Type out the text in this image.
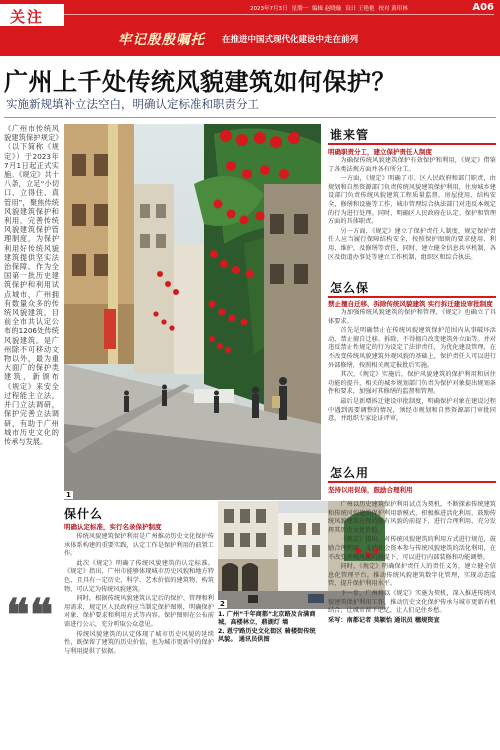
关注	2023年7月3日 星期一 编辑 赵晓璇 设计 王艳艳 校对 黄印林	A06
牢记殷殷嘱托 在推进中国式现代化建设中走在前列
广州上千处传统风貌建筑如何保护？
实施新规填补立法空白，明确认定标准和职责分工
《广州市传统风貌建筑保护规定》（以下简称《规定》）于2023年7月1日起正式实施。《规定》共十八条，立足“小切口、立得住、真管用”，聚焦传统风貌建筑保护和利用，完善传统风貌建筑保护管理制度，为保护利用好传统风貌建筑提供坚实法治保障。作为全国第一批历史建筑保护和利用试点城市，广州拥有数量众多的传统风貌建筑，目前全市共认定公布的1206处传统风貌建筑。是广州除不可移动文物以外，最为重大面广的保护类建筑，新颁布《规定》来安全过程能主立法，并门立法调研，保护完善立法调研，有助于广州城市历史文化的传承与发展。
1
谁来管
明确职责分工，建立保护责任人制度

为确保传统风貌建筑保护有效保护和利用，《规定》借鉴了各类法规方面并各有所分工。

一方面，《规定》明确了市、区人民政府和部门职责，由规划和自然资源部门负责传统风貌建筑保护利用，住房城乡建设部门负责传统风貌建筑工程质量监督，房屋使用、结构安全，修缮和设施等工作，城市管理综合执法部门对违反本规定的行为进行处理。同时，明确区人民政府在认定、保护和管理方面的具体职责。

另一方面，《规定》建立了保护责任人制度，规定保护责任人应当履行保障结构安全，按照保护图则的要求使用、利用、维护，及修缮等责任，同时，建立健全信息共享机制，各区及街道办事处等建立工作机制，组织区和综合执法。

怎么保
禁止擅自迁移、拆除传统风貌建筑 实行拆迁建设审批制度

为加强传统风貌建筑的保护和管理，《规定》也确立了具体要求。

首先是明确禁止在传统风貌建筑保护范围内从事破坏活动，禁止擅自迁移、拆除、不得擅自改变建筑外立面等。并对违反禁止性规定的行为设定了法律责任，为优化建设管理，在不改变传统风貌建筑外观风貌的基础上，保护责任人可以进行外部修缮，按照相关规定报批后实施。

其次，《规定》实施后，保护风貌建筑的保护利用和居住功能的提升，相关的城乡规划部门负责为保护对象提出规划条件和要求，加强对其修缮的监督和管理。

最后是新增拆迁建设审批制度，明确保护对象在建设过程中遇到需要调整的情况，须经市规划和自然资源部门审批同意，并组织专家论证评审。

怎么用
坚持以用促保，鼓励合理利用
保什么
明确认定标准，实行名录保护制度

传统风貌建筑保护利用是广州推动历史文化保护传承体系构建的重要实践，认定工作是保护利用的前置工作。

此次《规定》明确了传统风貌建筑的认定标准。《规定》指出，广州市能够体现城市历史风貌和地方特色，且具有一定历史、科学、艺术价值的建筑物、构筑物，可认定为传统风貌建筑。

同时，根据传统风貌建筑认定后的保护、管理和利用需求，规定区人民政府应当制定保护图则，明确保护对象、保护要求和利用方式等内容。保护图则在公布前需进行公示，充分听取公众意见。

传统风貌建筑的认定体现了城市历史风貌的延续性，既保留了建筑的历史价值，也为城市更新中的保护与利用提供了依据。

❝❝	2
1. 广州“千年商都”北京路及含满商城，高楼林立，鼎湖灯 墙
2. 恩宁路历史文化街区 骑楼街传统风貌。 通讯员供图

广州以历史建筑保护利用试点为契机，不断探索传统建筑和传统风貌建筑保护利用新模式，积极推进活化利用，鼓励传统风貌建筑在保持原有风貌的前提下，进行合理利用，充分发挥其历史文化价值。

《规定》提出，对传统风貌建筑的利用方式进行规范，鼓励合理利用，支持社会资本参与传统风貌建筑的活化利用，在不改变外观风貌的前提下，可以进行内部装修和功能调整。

同时，《规定》明确保护责任人的责任义务，建立健全信息化管理平台，推动传统风貌建筑数字化管理，实现动态监管，提升保护利用水平。

下一步，广州将以《规定》实施为契机，深入推进传统风貌建筑保护利用工作，推动历史文化保护传承与城市更新有机结合，让城市留下记忆，让人们记住乡愁。

采写：南都记者 莫颖怡 通讯员 穗规资宣
